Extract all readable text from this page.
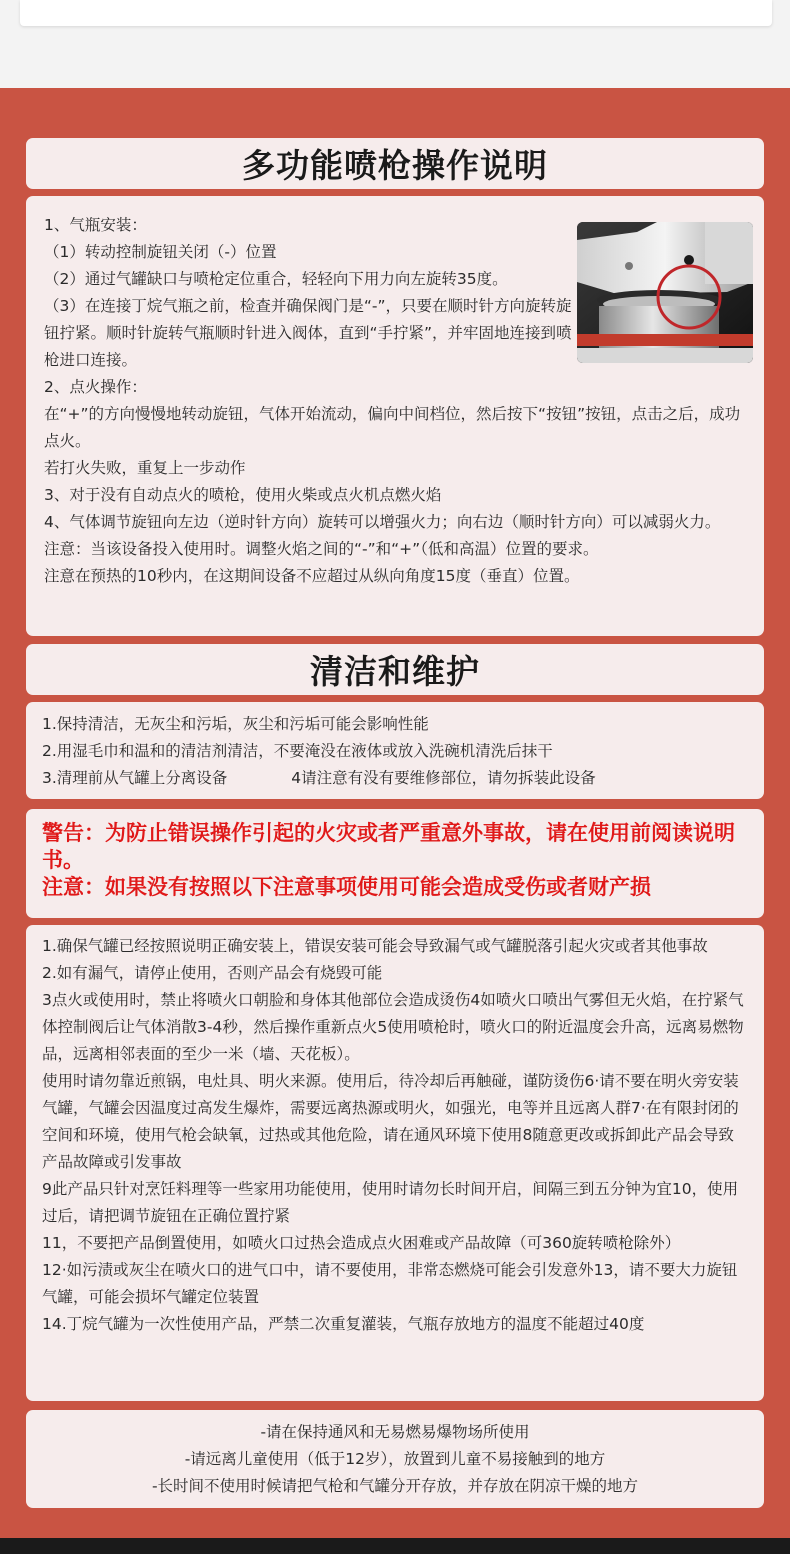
多功能喷枪操作说明

1、气瓶安装：

（1）转动控制旋钮关闭（-）位置

（2）通过气罐缺口与喷枪定位重合，轻轻向下用力向左旋转35度。

（3）在连接丁烷气瓶之前，检查并确保阀门是“-”，只要在顺时针方向旋转旋钮拧紧。顺时针旋转气瓶顺时针进入阀体，直到“手拧紧”，并牢固地连接到喷枪进口连接。

2、点火操作：

在“+”的方向慢慢地转动旋钮，气体开始流动，偏向中间档位，然后按下“按钮”按钮，点击之后，成功点火。

若打火失败，重复上一步动作

3、对于没有自动点火的喷枪，使用火柴或点火机点燃火焰

4、气体调节旋钮向左边（逆时针方向）旋转可以增强火力；向右边（顺时针方向）可以减弱火力。

注意：当该设备投入使用时。调整火焰之间的“-”和“+”（低和高温）位置的要求。

注意在预热的10秒内，在这期间设备不应超过从纵向角度15度（垂直）位置。

清洁和维护

1.保持清洁，无灰尘和污垢，灰尘和污垢可能会影响性能

2.用湿毛巾和温和的清洁剂清洁，不要淹没在液体或放入洗碗机清洗后抹干

3.清理前从气罐上分离设备	4请注意有没有要维修部位，请勿拆装此设备

警告：为防止错误操作引起的火灾或者严重意外事故，请在使用前阅读说明书。

注意：如果没有按照以下注意事项使用可能会造成受伤或者财产损

1.确保气罐已经按照说明正确安装上，错误安装可能会导致漏气或气罐脱落引起火灾或者其他事故

2.如有漏气，请停止使用，否则产品会有烧毁可能

3点火或使用时，禁止将喷火口朝脸和身体其他部位会造成烫伤4如喷火口喷出气雾但无火焰，在拧紧气体控制阀后让气体消散3-4秒，然后操作重新点火5使用喷枪时，喷火口的附近温度会升高，远离易燃物品，远离相邻表面的至少一米（墙、天花板）。

使用时请勿靠近煎锅，电灶具、明火来源。使用后，待冷却后再触碰，谨防烫伤6·请不要在明火旁安装气罐，气罐会因温度过高发生爆炸，需要远离热源或明火，如强光，电等并且远离人群7·在有限封闭的空间和环境，使用气枪会缺氧，过热或其他危险，请在通风环境下使用8随意更改或拆卸此产品会导致产品故障或引发事故

9此产品只针对烹饪料理等一些家用功能使用，使用时请勿长时间开启，间隔三到五分钟为宜10，使用过后，请把调节旋钮在正确位置拧紧

11，不要把产品倒置使用，如喷火口过热会造成点火困难或产品故障（可360旋转喷枪除外）

12·如污渍或灰尘在喷火口的进气口中，请不要使用，非常态燃烧可能会引发意外13，请不要大力旋钮气罐，可能会损坏气罐定位装置

14.丁烷气罐为一次性使用产品，严禁二次重复灌装，气瓶存放地方的温度不能超过40度

-请在保持通风和无易燃易爆物场所使用

-请远离儿童使用（低于12岁），放置到儿童不易接触到的地方

-长时间不使用时候请把气枪和气罐分开存放，并存放在阴凉干燥的地方
